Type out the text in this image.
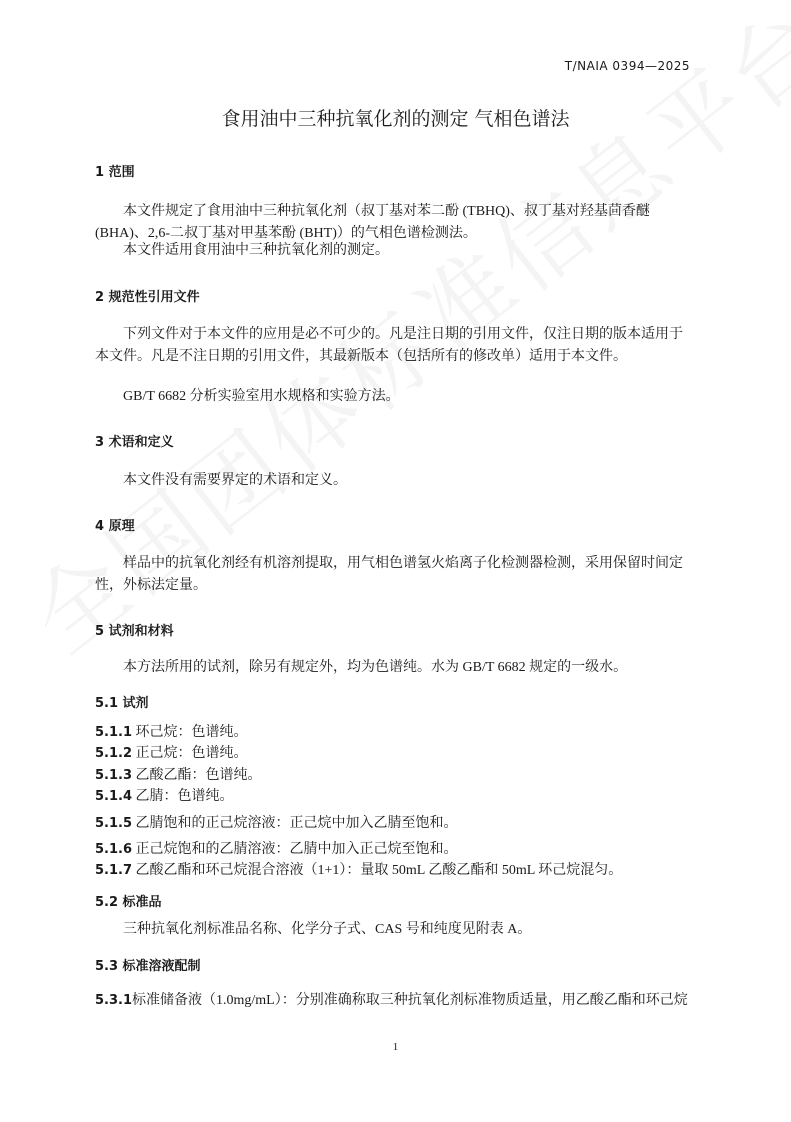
T/NAIA 0394—2025
食用油中三种抗氧化剂的测定 气相色谱法
1 范围
本文件规定了食用油中三种抗氧化剂（叔丁基对苯二酚 (TBHQ)、叔丁基对羟基茴香醚 (BHA)、2,6-二叔丁基对甲基苯酚 (BHT)）的气相色谱检测法。
本文件适用食用油中三种抗氧化剂的测定。
2 规范性引用文件
下列文件对于本文件的应用是必不可少的。凡是注日期的引用文件，仅注日期的版本适用于本文件。凡是不注日期的引用文件，其最新版本（包括所有的修改单）适用于本文件。
GB/T 6682 分析实验室用水规格和实验方法。
3 术语和定义
本文件没有需要界定的术语和定义。
4 原理
样品中的抗氧化剂经有机溶剂提取，用气相色谱氢火焰离子化检测器检测，采用保留时间定性，外标法定量。
5 试剂和材料
本方法所用的试剂，除另有规定外，均为色谱纯。水为 GB/T 6682 规定的一级水。
5.1 试剂
5.1.1 环己烷：色谱纯。
5.1.2 正己烷：色谱纯。
5.1.3 乙酸乙酯：色谱纯。
5.1.4 乙腈：色谱纯。
5.1.5 乙腈饱和的正己烷溶液：正己烷中加入乙腈至饱和。
5.1.6 正己烷饱和的乙腈溶液：乙腈中加入正己烷至饱和。
5.1.7 乙酸乙酯和环己烷混合溶液（1+1）：量取 50mL 乙酸乙酯和 50mL 环己烷混匀。
5.2 标准品
三种抗氧化剂标准品名称、化学分子式、CAS 号和纯度见附表 A。
5.3 标准溶液配制
5.3.1标准储备液（1.0mg/mL）：分别准确称取三种抗氧化剂标准物质适量，用乙酸乙酯和环己烷
1
